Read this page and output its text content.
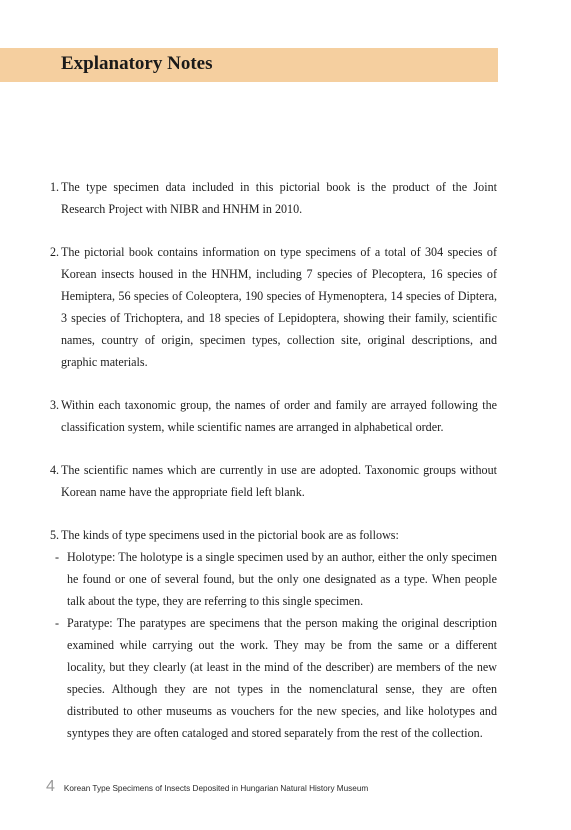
Explanatory Notes
1. The type specimen data included in this pictorial book is the product of the Joint Research Project with NIBR and HNHM in 2010.

2. The pictorial book contains information on type specimens of a total of 304 species of Korean insects housed in the HNHM, including 7 species of Plecoptera, 16 species of Hemiptera, 56 species of Coleoptera, 190 species of Hymenoptera, 14 species of Diptera, 3 species of Trichoptera, and 18 species of Lepidoptera, showing their family, scientific names, country of origin, specimen types, collection site, original descriptions, and graphic materials.

3. Within each taxonomic group, the names of order and family are arrayed following the classification system, while scientific names are arranged in alphabetical order.

4. The scientific names which are currently in use are adopted. Taxonomic groups without Korean name have the appropriate field left blank.

5. The kinds of type specimens used in the pictorial book are as follows:

- Holotype: The holotype is a single specimen used by an author, either the only specimen he found or one of several found, but the only one designated as a type. When people talk about the type, they are referring to this single specimen.

- Paratype: The paratypes are specimens that the person making the original description examined while carrying out the work. They may be from the same or a different locality, but they clearly (at least in the mind of the describer) are members of the new species. Although they are not types in the nomenclatural sense, they are often distributed to other museums as vouchers for the new species, and like holotypes and syntypes they are often cataloged and stored separately from the rest of the collection.

4 Korean Type Specimens of Insects Deposited in Hungarian Natural History Museum
